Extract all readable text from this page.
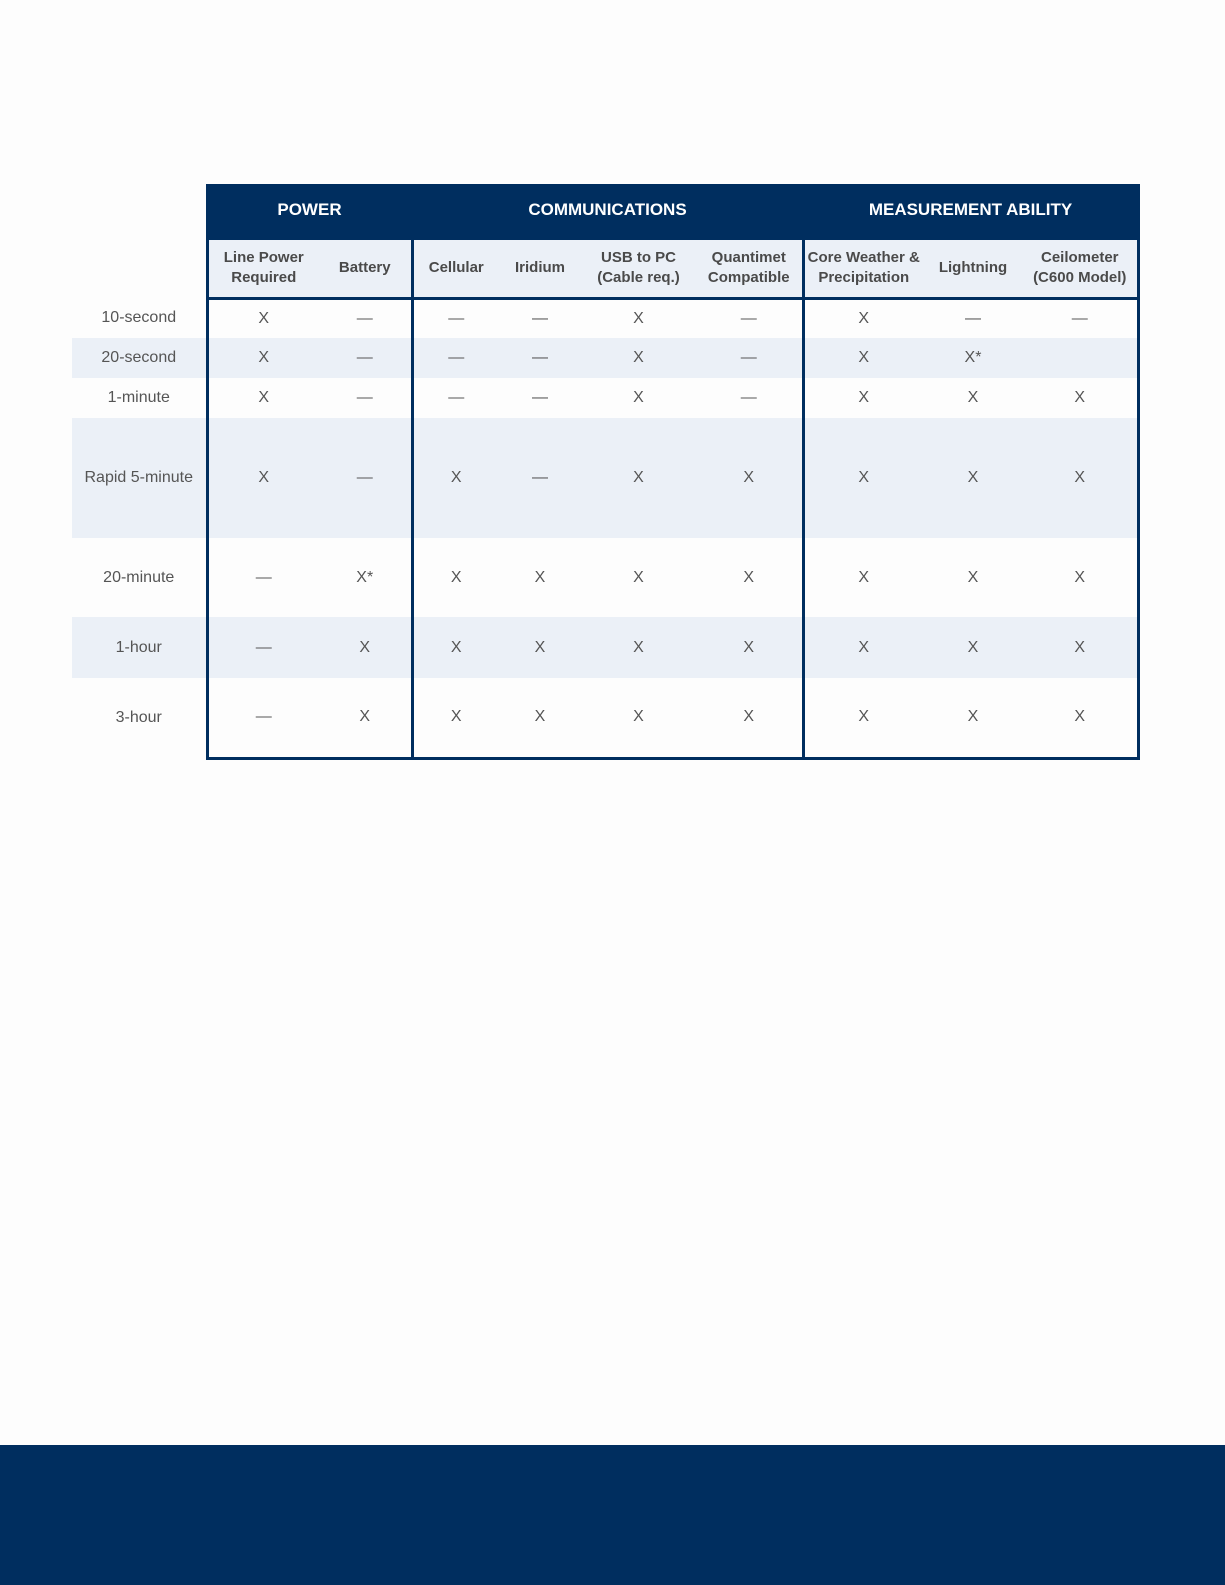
	POWER		COMMUNICATIONS				MEASUREMENT ABILITY		
	Line Power Required	Battery	Cellular	Iridium	USB to PC (Cable req.)	Quantimet Compatible	Core Weather & Precipitation	Lightning	Ceilometer (C600 Model)
10-second	X	—	—	—	X	—	X	—	—
20-second	X	—	—	—	X	—	X	X*	
1-minute	X	—	—	—	X	—	X	X	X
Rapid 5-minute	X	—	X	—	X	X	X	X	X
20-minute	—	X*	X	X	X	X	X	X	X
1-hour	—	X	X	X	X	X	X	X	X
3-hour	—	X	X	X	X	X	X	X	X
